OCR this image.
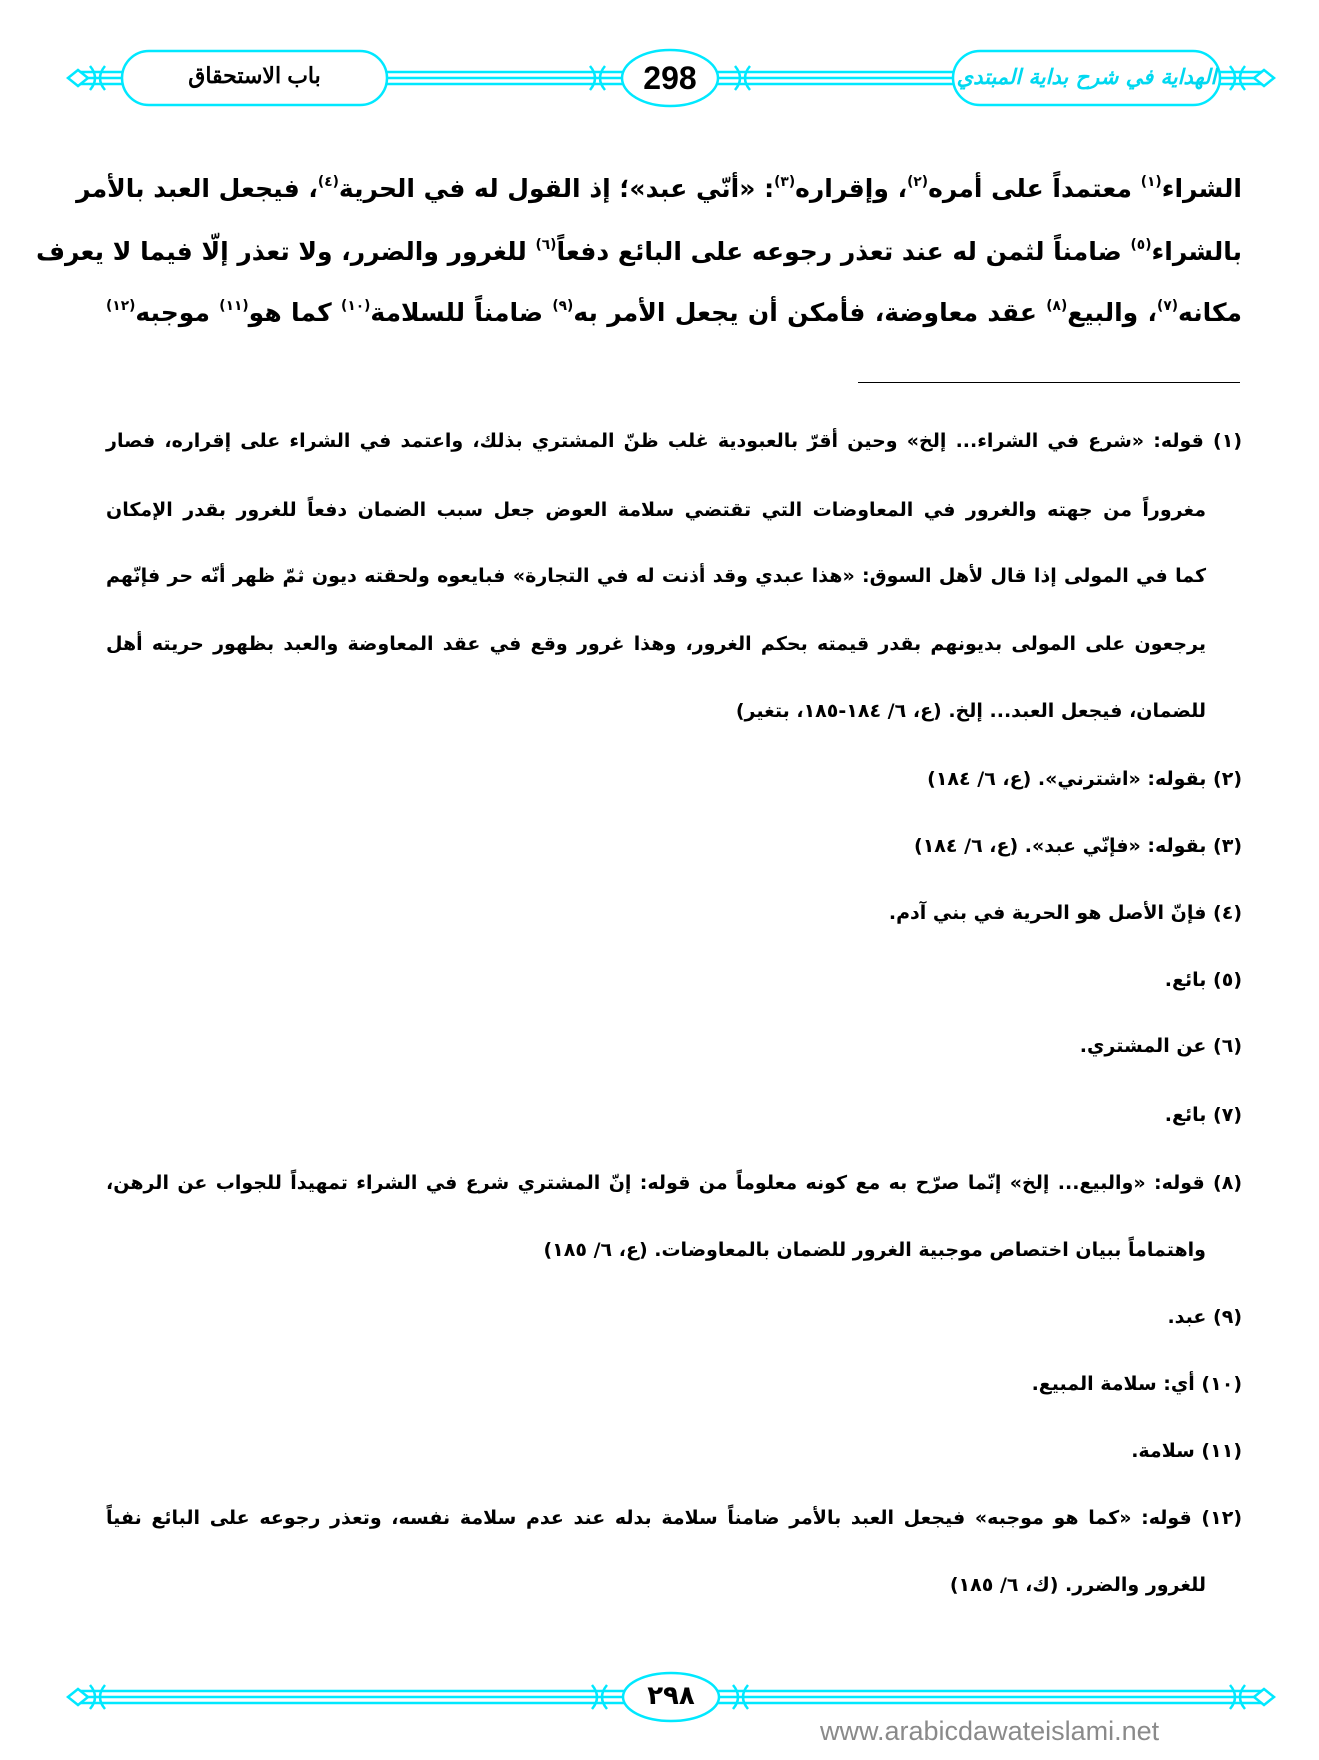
باب الاستحقاق	298	الهداية في شرح بداية المبتدي
الشراء$^{(١)}$ معتمداً على أمره$^{(٢)}$، وإقراره$^{(٣)}$: «أنّي عبد»؛ إذ القول له في الحرية$^{(٤)}$، فيجعل العبد بالأمر
بالشراء$^{(٥)}$ ضامناً لثمن له عند تعذر رجوعه على البائع دفعاً$^{(٦)}$ للغرور والضرر، ولا تعذر إلّا فيما لا يعرف
مكانه$^{(٧)}$، والبيع$^{(٨)}$ عقد معاوضة، فأمكن أن يجعل الأمر به$^{(٩)}$ ضامناً للسلامة$^{(١٠)}$ كما هو$^{(١١)}$ موجبه$^{(١٢)}$
(١) قوله: «شرع في الشراء... إلخ» وحين أقرّ بالعبودية غلب ظنّ المشتري بذلك، واعتمد في الشراء على إقراره، فصار
مغروراً من جهته والغرور في المعاوضات التي تقتضي سلامة العوض جعل سبب الضمان دفعاً للغرور بقدر الإمكان
كما في المولى إذا قال لأهل السوق: «هذا عبدي وقد أذنت له في التجارة» فبايعوه ولحقته ديون ثمّ ظهر أنّه حر فإنّهم
يرجعون على المولى بديونهم بقدر قيمته بحكم الغرور، وهذا غرور وقع في عقد المعاوضة والعبد بظهور حريته أهل
للضمان، فيجعل العبد... إلخ. (ع، ٦/ ١٨٤-١٨٥، بتغير)
(٢) بقوله: «اشترني». (ع، ٦/ ١٨٤)
(٣) بقوله: «فإنّي عبد». (ع، ٦/ ١٨٤)
(٤) فإنّ الأصل هو الحرية في بني آدم.
(٥) بائع.
(٦) عن المشتري.
(٧) بائع.
(٨) قوله: «والبيع... إلخ» إنّما صرّح به مع كونه معلوماً من قوله: إنّ المشتري شرع في الشراء تمهيداً للجواب عن الرهن،
واهتماماً ببيان اختصاص موجبية الغرور للضمان بالمعاوضات. (ع، ٦/ ١٨٥)
(٩) عبد.
(١٠) أي: سلامة المبيع.
(١١) سلامة.
(١٢) قوله: «كما هو موجبه» فيجعل العبد بالأمر ضامناً سلامة بدله عند عدم سلامة نفسه، وتعذر رجوعه على البائع نفياً
للغرور والضرر. (ك، ٦/ ١٨٥)
٢٩٨
www.arabicdawateislami.net
